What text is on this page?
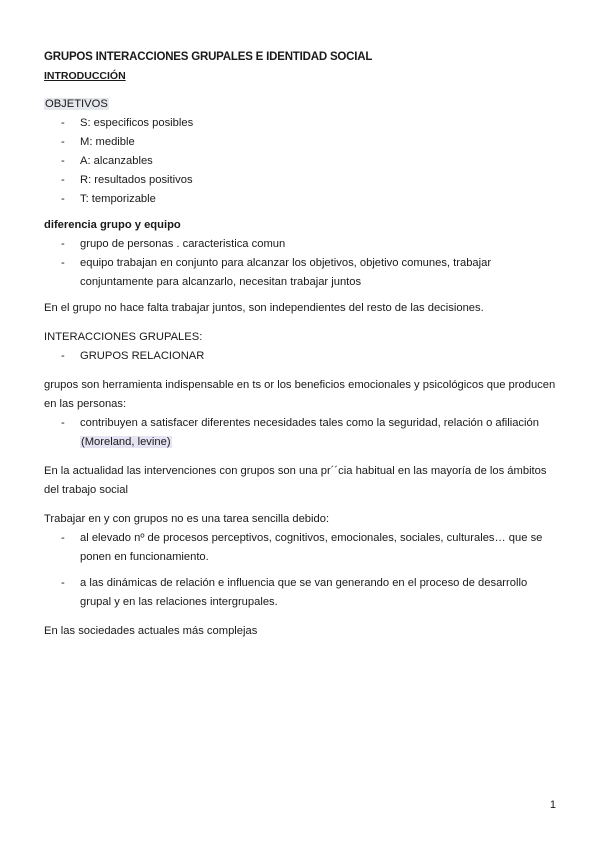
GRUPOS INTERACCIONES GRUPALES E IDENTIDAD SOCIAL

INTRODUCCIÓN

OBJETIVOS

- S: especificos posibles
- M: medible
- A: alcanzables
- R: resultados positivos
- T: temporizable

diferencia grupo y equipo

- grupo de personas . caracteristica comun
- equipo trabajan en conjunto para alcanzar los objetivos, objetivo comunes, trabajar conjuntamente para alcanzarlo, necesitan trabajar juntos

En el grupo no hace falta trabajar juntos, son independientes del resto de las decisiones.

INTERACCIONES GRUPALES:

- GRUPOS RELACIONAR

grupos son herramienta indispensable en ts or los beneficios emocionales y psicológicos que producen en las personas:

- contribuyen a satisfacer diferentes necesidades tales como la seguridad, relación o afiliación (Moreland, levine)

En la actualidad las intervenciones con grupos son una pr´´cia habitual en las mayoría de los ámbitos del trabajo social

Trabajar en y con grupos no es una tarea sencilla debido:

- al elevado nº de procesos perceptivos, cognitivos, emocionales, sociales, culturales… que se ponen en funcionamiento.
- a las dinámicas de relación e influencia que se van generando en el proceso de desarrollo grupal y en las relaciones intergrupales.

En las sociedades actuales más complejas

1
